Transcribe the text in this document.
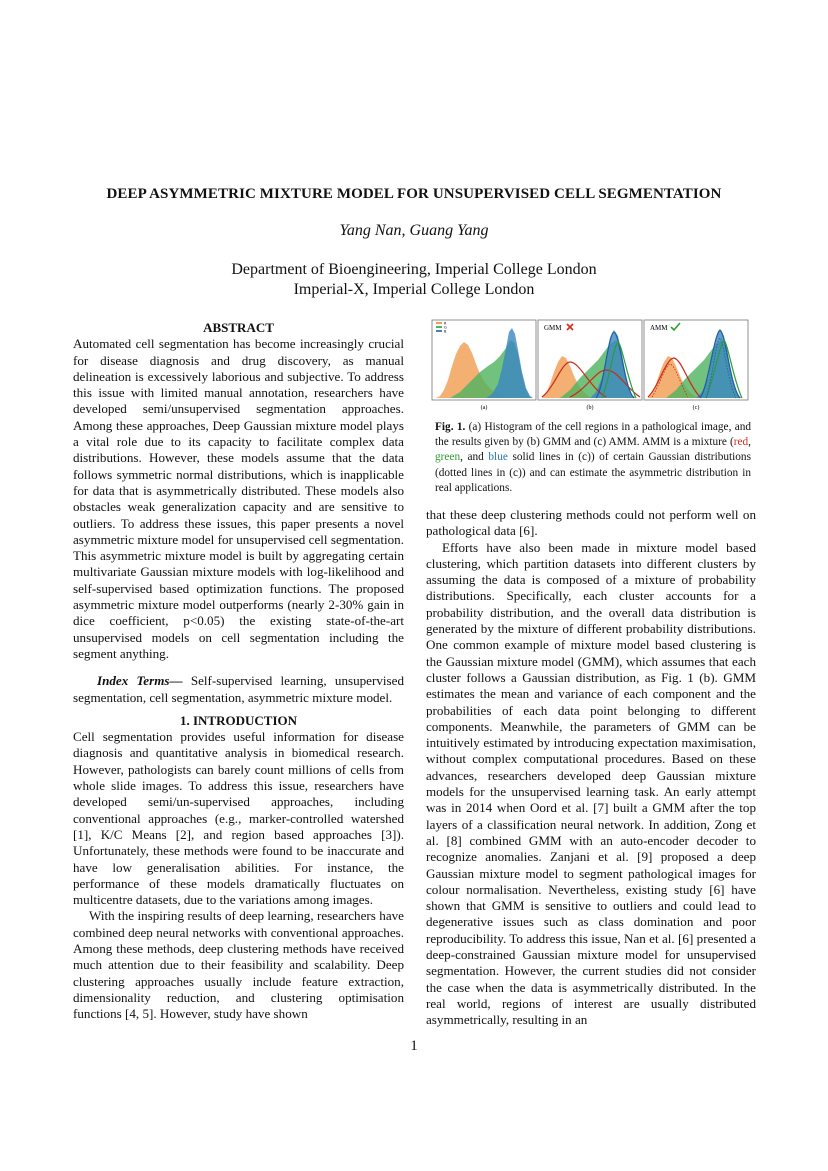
DEEP ASYMMETRIC MIXTURE MODEL FOR UNSUPERVISED CELL SEGMENTATION
Yang Nan, Guang Yang
Department of Bioengineering, Imperial College London
Imperial-X, Imperial College London

ABSTRACT

Automated cell segmentation has become increasingly crucial for disease diagnosis and drug discovery, as manual delineation is excessively laborious and subjective. To address this issue with limited manual annotation, researchers have developed semi/unsupervised segmentation approaches. Among these approaches, Deep Gaussian mixture model plays a vital role due to its capacity to facilitate complex data distributions. However, these models assume that the data follows symmetric normal distributions, which is inapplicable for data that is asymmetrically distributed. These models also obstacles weak generalization capacity and are sensitive to outliers. To address these issues, this paper presents a novel asymmetric mixture model for unsupervised cell segmentation. This asymmetric mixture model is built by aggregating certain multivariate Gaussian mixture models with log-likelihood and self-supervised based optimization functions. The proposed asymmetric mixture model outperforms (nearly 2-30% gain in dice coefficient, p<0.05) the existing state-of-the-art unsupervised models on cell segmentation including the segment anything.

Index Terms— Self-supervised learning, unsupervised segmentation, cell segmentation, asymmetric mixture model.

1. INTRODUCTION

Cell segmentation provides useful information for disease diagnosis and quantitative analysis in biomedical research. However, pathologists can barely count millions of cells from whole slide images. To address this issue, researchers have developed semi/un-supervised approaches, including conventional approaches (e.g., marker-controlled watershed [1], K/C Means [2], and region based approaches [3]). Unfortunately, these methods were found to be inaccurate and have low generalisation abilities. For instance, the performance of these models dramatically fluctuates on multicentre datasets, due to the variations among images.

With the inspiring results of deep learning, researchers have combined deep neural networks with conventional approaches. Among these methods, deep clustering methods have received much attention due to their feasibility and scalability. Deep clustering approaches usually include feature extraction, dimensionality reduction, and clustering optimisation functions [4, 5]. However, study have shown

R
G
B
(a)
GMM
(b)
AMM
(c)
Fig. 1. (a) Histogram of the cell regions in a pathological image, and the results given by (b) GMM and (c) AMM. AMM is a mixture (red, green, and blue solid lines in (c)) of certain Gaussian distributions (dotted lines in (c)) and can estimate the asymmetric distribution in real applications.

that these deep clustering methods could not perform well on pathological data [6].

Efforts have also been made in mixture model based clustering, which partition datasets into different clusters by assuming the data is composed of a mixture of probability distributions. Specifically, each cluster accounts for a probability distribution, and the overall data distribution is generated by the mixture of different probability distributions. One common example of mixture model based clustering is the Gaussian mixture model (GMM), which assumes that each cluster follows a Gaussian distribution, as Fig. 1 (b). GMM estimates the mean and variance of each component and the probabilities of each data point belonging to different components. Meanwhile, the parameters of GMM can be intuitively estimated by introducing expectation maximisation, without complex computational procedures. Based on these advances, researchers developed deep Gaussian mixture models for the unsupervised learning task. An early attempt was in 2014 when Oord et al. [7] built a GMM after the top layers of a classification neural network. In addition, Zong et al. [8] combined GMM with an auto-encoder decoder to recognize anomalies. Zanjani et al. [9] proposed a deep Gaussian mixture model to segment pathological images for colour normalisation. Nevertheless, existing study [6] have shown that GMM is sensitive to outliers and could lead to degenerative issues such as class domination and poor reproducibility. To address this issue, Nan et al. [6] presented a deep-constrained Gaussian mixture model for unsupervised segmentation. However, the current studies did not consider the case when the data is asymmetrically distributed. In the real world, regions of interest are usually distributed asymmetrically, resulting in an

1
